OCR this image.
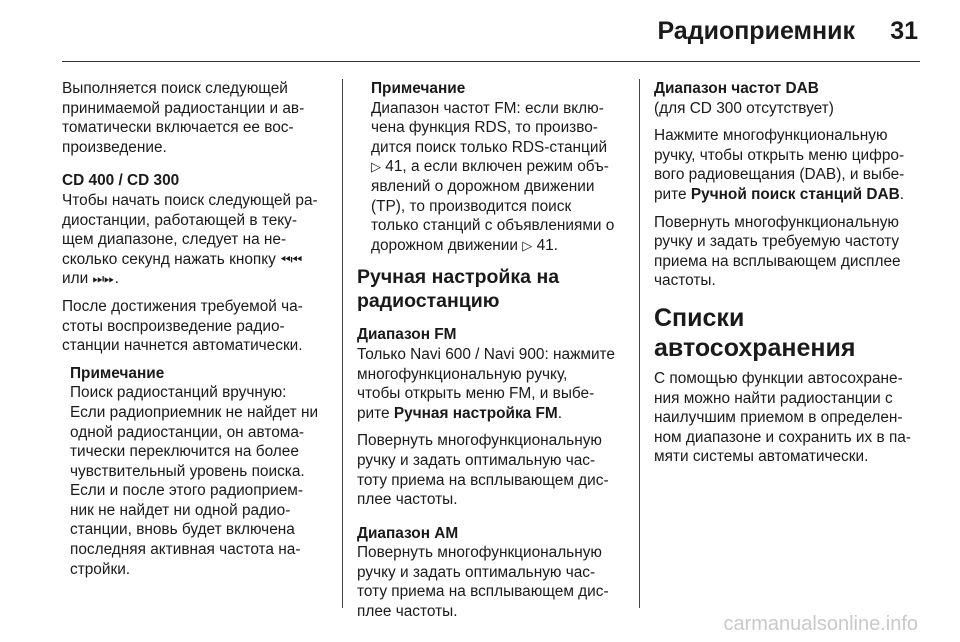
Радиоприемник 31

Выполняется поиск следующей
принимаемой радиостанции и ав-
томатически включается ее вос-
произведение.

CD 400 / CD 300

Чтобы начать поиск следующей ра-
диостанции, работающей в теку-
щем диапазоне, следует на не-
сколько секунд нажать кнопку ⏪︎⏮︎
или ⏭︎⏩︎.

После достижения требуемой ча-
стоты воспроизведение радио-
станции начнется автоматически.

Примечание
Поиск радиостанций вручную:
Если радиоприемник не найдет ни
одной радиостанции, он автома-
тически переключится на более
чувствительный уровень поиска.
Если и после этого радиоприем-
ник не найдет ни одной радио-
станции, вновь будет включена
последняя активная частота на-
стройки.
Примечание
Диапазон частот FM: если вклю-
чена функция RDS, то произво-
дится поиск только RDS-станций
▷ 41, а если включен режим объ-
явлений о дорожном движении
(TP), то производится поиск
только станций с объявлениями о
дорожном движении ▷ 41.
Ручная настройка на
радиостанцию
Диапазон FM

Только Navi 600 / Navi 900: нажмите
многофункциональную ручку,
чтобы открыть меню FM, и выбе-
рите Ручная настройка FM.

Повернуть многофункциональную
ручку и задать оптимальную час-
тоту приема на всплывающем дис-
плее частоты.

Диапазон AM

Повернуть многофункциональную
ручку и задать оптимальную час-
тоту приема на всплывающем дис-
плее частоты.

Диапазон частот DAB

(для CD 300 отсутствует)

Нажмите многофункциональную
ручку, чтобы открыть меню цифро-
вого радиовещания (DAB), и выбе-
рите Ручной поиск станций DAB.

Повернуть многофункциональную
ручку и задать требуемую частоту
приема на всплывающем дисплее
частоты.

Списки автосохранения

С помощью функции автосохране-
ния можно найти радиостанции с
наилучшим приемом в определен-
ном диапазоне и сохранить их в па-
мяти системы автоматически.

carmanualsonline.info
